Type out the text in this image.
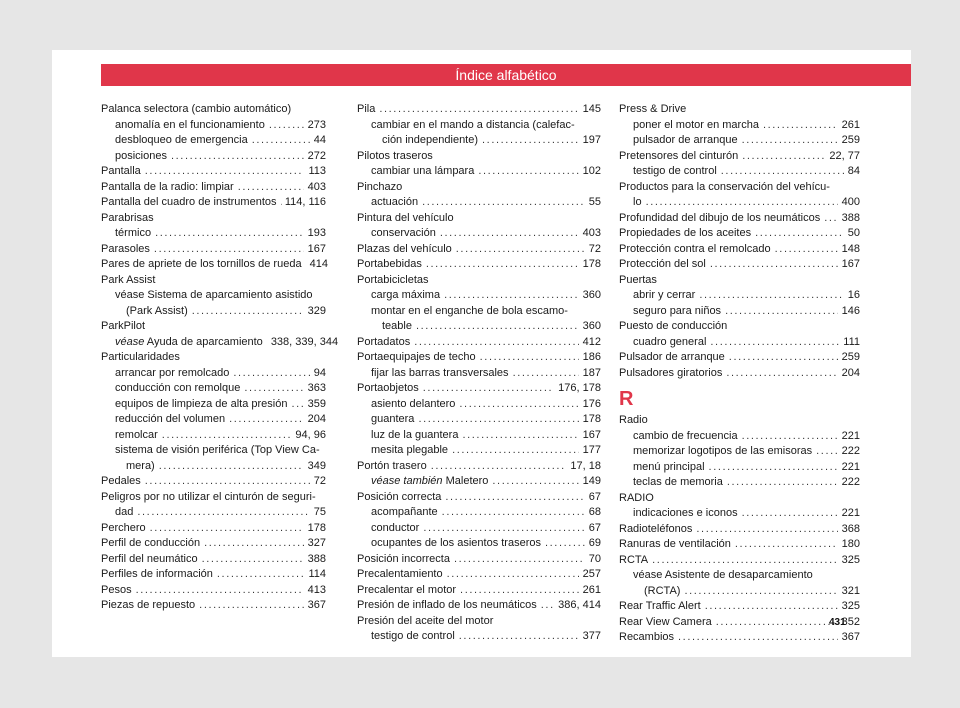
Índice alfabético
Palanca selectora (cambio automático)
anomalía en el funcionamiento .....	273
desbloqueo de emergencia .....	44
posiciones .....	272
Pantalla .....	113
Pantalla de la radio: limpiar .....	403
Pantalla del cuadro de instrumentos ..... 114, 116
Parabrisas
térmico .....	193
Parasoles .....	167
Pares de apriete de los tornillos de rueda 414
Park Assist
véase Sistema de aparcamiento asistido
(Park Assist) .....	329
ParkPilot
véase Ayuda de aparcamiento 338, 339, 344
Particularidades
arrancar por remolcado .....	94
conducción con remolque .....	363
equipos de limpieza de alta presión ..... 359
reducción del volumen .....	204
remolcar .....	94, 96
sistema de visión periférica (Top View Ca-
mera) .....	349
Pedales .....	72
Peligros por no utilizar el cinturón de seguri-
dad .....	75
Perchero .....	178
Perfil de conducción .....	327
Perfil del neumático .....	388
Perfiles de información .....	114
Pesos .....	413
Piezas de repuesto .....	367
Pila .....	145
cambiar en el mando a distancia (calefac-
ción independiente) .....	197
Pilotos traseros
cambiar una lámpara .....	102
Pinchazo
actuación .....	55
Pintura del vehículo
conservación .....	403
Plazas del vehículo .....	72
Portabebidas .....	178
Portabicicletas
carga máxima .....	360
montar en el enganche de bola escamo-
teable .....	360
Portadatos .....	412
Portaequipajes de techo .....	186
fijar las barras transversales .....	187
Portaobjetos .....	176, 178
asiento delantero .....	176
guantera .....	178
luz de la guantera .....	167
mesita plegable .....	177
Portón trasero .....	17, 18
véase también Maletero .....	149
Posición correcta .....	67
acompañante .....	68
conductor .....	67
ocupantes de los asientos traseros .....	69
Posición incorrecta .....	70
Precalentamiento .....	257
Precalentar el motor .....	261
Presión de inflado de los neumáticos ..... 386, 414
Presión del aceite del motor
testigo de control .....	377
Press & Drive
poner el motor en marcha .....	261
pulsador de arranque .....	259
Pretensores del cinturón .....	22, 77
testigo de control .....	84
Productos para la conservación del vehícu-
lo .....	400
Profundidad del dibujo de los neumáticos ..... 388
Propiedades de los aceites .....	50
Protección contra el remolcado .....	148
Protección del sol .....	167
Puertas
abrir y cerrar .....	16
seguro para niños .....	146
Puesto de conducción
cuadro general .....	111
Pulsador de arranque .....	259
Pulsadores giratorios .....	204
R
Radio
cambio de frecuencia .....	221
memorizar logotipos de las emisoras .....	222
menú principal .....	221
teclas de memoria .....	222
RADIO
indicaciones e iconos .....	221
Radioteléfonos .....	368
Ranuras de ventilación .....	180
RCTA .....	325
véase Asistente de desaparcamiento
(RCTA) .....	321
Rear Traffic Alert .....	325
Rear View Camera .....	352
Recambios .....	367
431
